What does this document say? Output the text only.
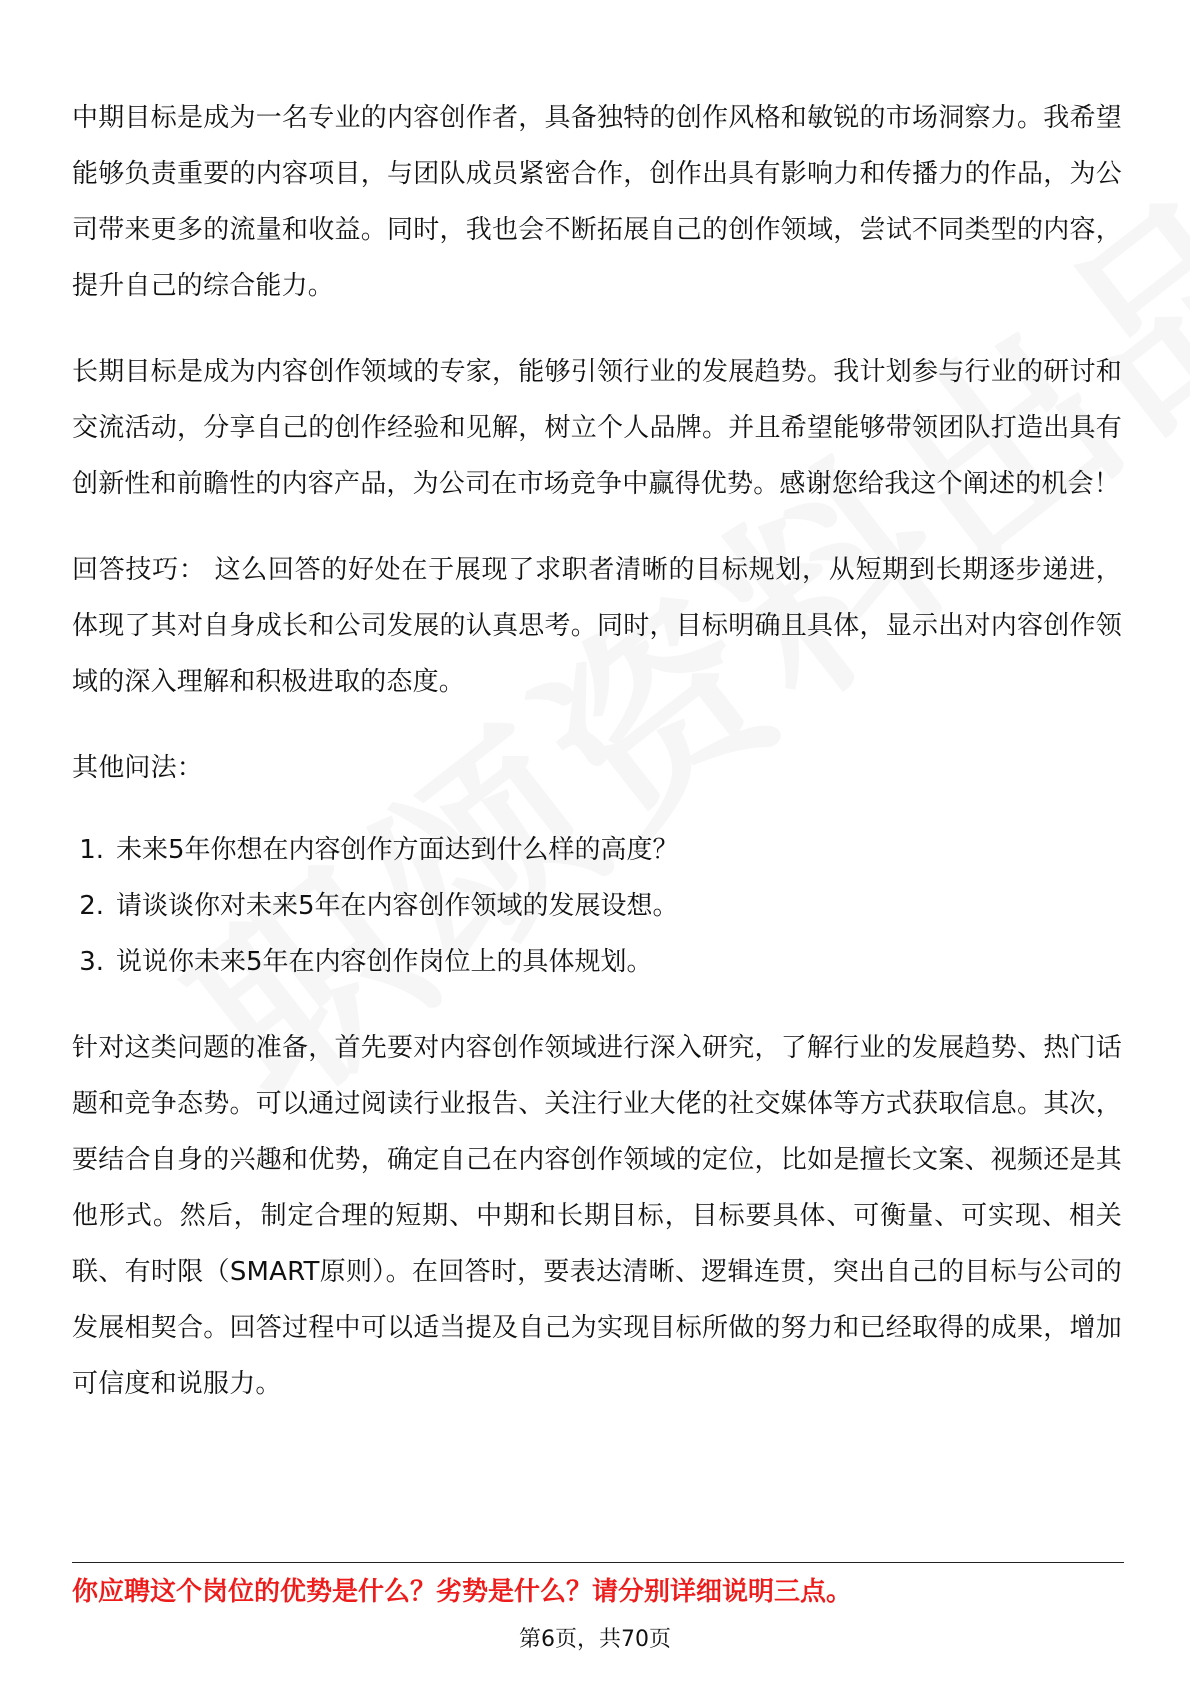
中期目标是成为一名专业的内容创作者，具备独特的创作风格和敏锐的市场洞察力。我希望能够负责重要的内容项目，与团队成员紧密合作，创作出具有影响力和传播力的作品，为公司带来更多的流量和收益。同时，我也会不断拓展自己的创作领域，尝试不同类型的内容，提升自己的综合能力。

长期目标是成为内容创作领域的专家，能够引领行业的发展趋势。我计划参与行业的研讨和交流活动，分享自己的创作经验和见解，树立个人品牌。并且希望能够带领团队打造出具有创新性和前瞻性的内容产品，为公司在市场竞争中赢得优势。感谢您给我这个阐述的机会！

回答技巧： 这么回答的好处在于展现了求职者清晰的目标规划，从短期到长期逐步递进，体现了其对自身成长和公司发展的认真思考。同时，目标明确且具体，显示出对内容创作领域的深入理解和积极进取的态度。

其他问法：

1. 未来5年你想在内容创作方面达到什么样的高度？
2. 请谈谈你对未来5年在内容创作领域的发展设想。
3. 说说你未来5年在内容创作岗位上的具体规划。

针对这类问题的准备，首先要对内容创作领域进行深入研究，了解行业的发展趋势、热门话题和竞争态势。可以通过阅读行业报告、关注行业大佬的社交媒体等方式获取信息。其次，要结合自身的兴趣和优势，确定自己在内容创作领域的定位，比如是擅长文案、视频还是其他形式。然后，制定合理的短期、中期和长期目标，目标要具体、可衡量、可实现、相关联、有时限（SMART原则）。在回答时，要表达清晰、逻辑连贯，突出自己的目标与公司的发展相契合。回答过程中可以适当提及自己为实现目标所做的努力和已经取得的成果，增加可信度和说服力。

你应聘这个岗位的优势是什么？劣势是什么？请分别详细说明三点。
第6页，共70页
